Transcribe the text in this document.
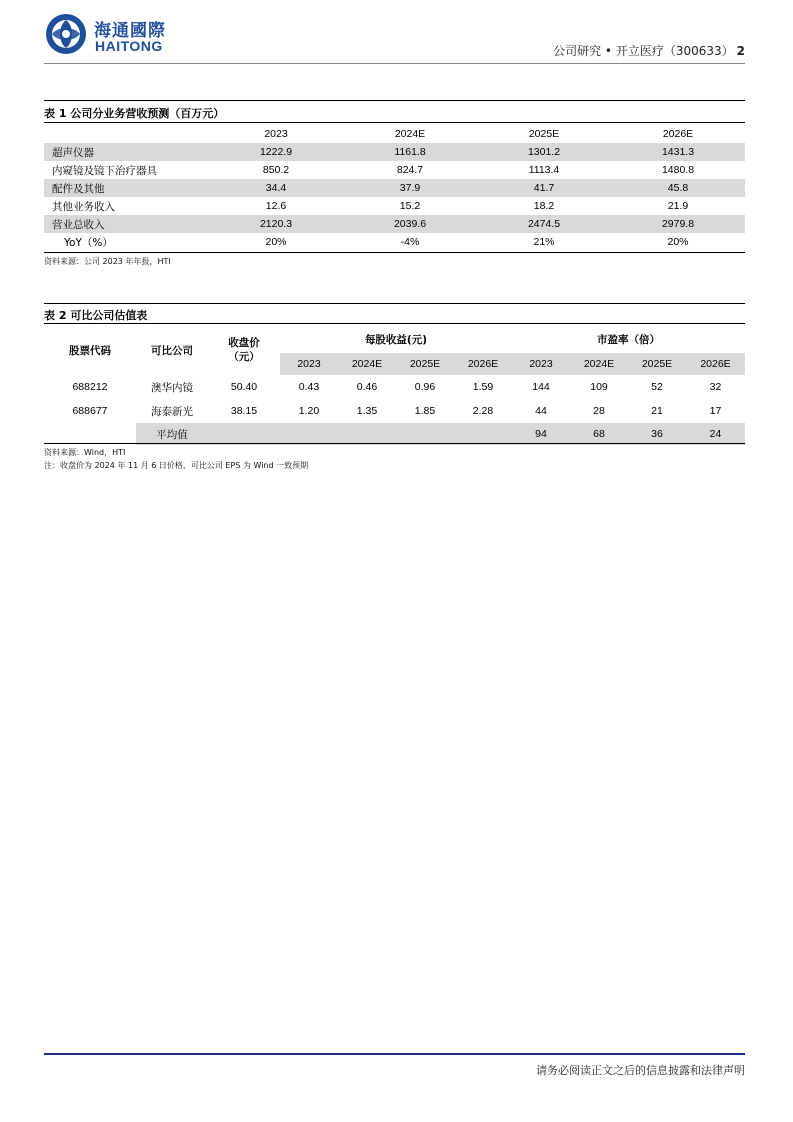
海通國際
HAITONG	公司研究 • 开立医疗（300633） 2
表 1 公司分业务营收预测（百万元）
	2023	2024E	2025E	2026E
超声仪器	1222.9	1161.8	1301.2	1431.3
内窥镜及镜下治疗器具	850.2	824.7	1113.4	1480.8
配件及其他	34.4	37.9	41.7	45.8
其他业务收入	12.6	15.2	18.2	21.9
营业总收入	2120.3	2039.6	2474.5	2979.8
YoY（%）	20%	-4%	21%	20%
资料来源：公司 2023 年年报，HTI
表 2 可比公司估值表
股票代码	可比公司	收盘价（元）	每股收益(元)				市盈率（倍）			
			2023	2024E	2025E	2026E	2023	2024E	2025E	2026E
688212	澳华内镜	50.40	0.43	0.46	0.96	1.59	144	109	52	32
688677	海泰新光	38.15	1.20	1.35	1.85	2.28	44	28	21	17
	平均值						94	68	36	24
资料来源：Wind，HTI
注：收盘价为 2024 年 11 月 6 日价格，可比公司 EPS 为 Wind 一致预期
请务必阅读正文之后的信息披露和法律声明
